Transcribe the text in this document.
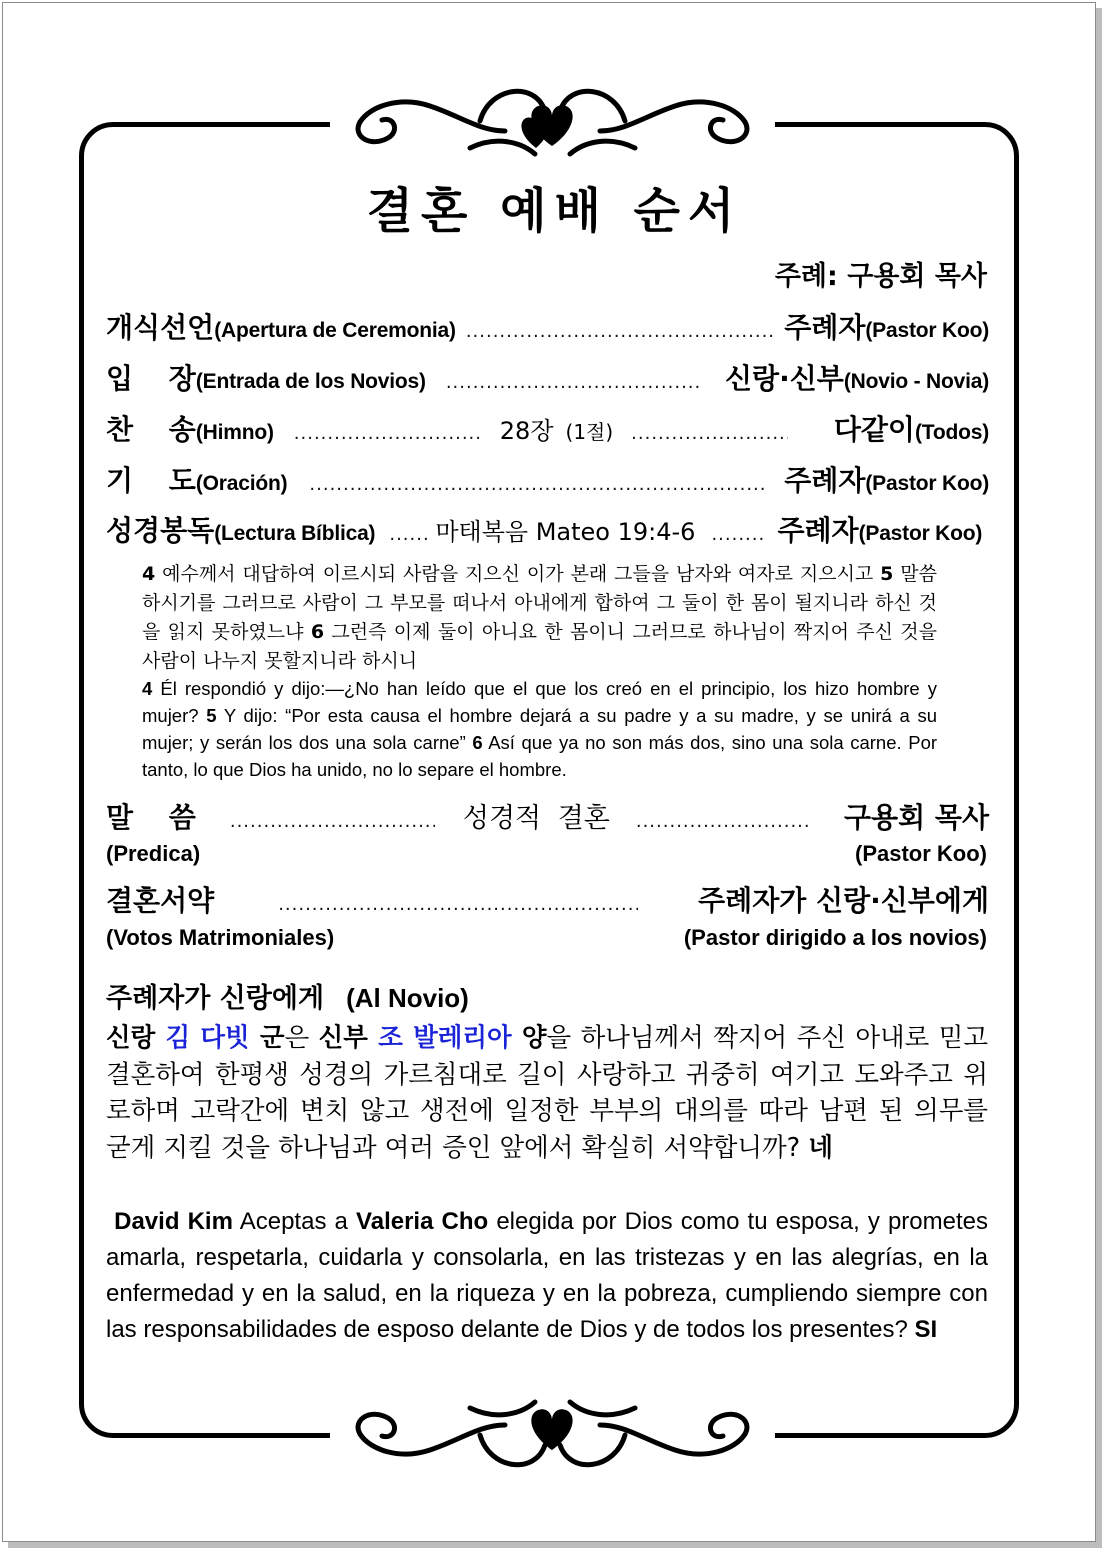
결혼 예배 순서
주례: 구용회 목사
개식선언 (Apertura de Ceremonia) .....	주례자 (Pastor Koo)
입 장 (Entrada de los Novios) .....	신랑·신부 (Novio - Novia)
찬 송 (Himno) .....	28장 (1절) .....	다같이 (Todos)
기 도 (Oración) .....	주례자 (Pastor Koo)
성경봉독 (Lectura Bíblica) .....	마태복음 Mateo 19:4-6 .....	주례자 (Pastor Koo)
4 예수께서 대답하여 이르시되 사람을 지으신 이가 본래 그들을 남자와 여자로 지으시고 5 말씀하시기를 그러므로 사람이 그 부모를 떠나서 아내에게 합하여 그 둘이 한 몸이 될지니라 하신 것을 읽지 못하였느냐 6 그런즉 이제 둘이 아니요 한 몸이니 그러므로 하나님이 짝지어 주신 것을 사람이 나누지 못할지니라 하시니
4 Él respondió y dijo:—¿No han leído que el que los creó en el principio, los hizo hombre y mujer? 5 Y dijo: “Por esta causa el hombre dejará a su padre y a su madre, y se unirá a su mujer; y serán los dos una sola carne” 6 Así que ya no son más dos, sino una sola carne. Por tanto, lo que Dios ha unido, no lo separe el hombre.
말 씀 .....	성경적 결혼 .....	구용회 목사
(Predica)	(Pastor Koo)
결혼서약 .....	주례자가 신랑·신부에게
(Votos Matrimoniales)	(Pastor dirigido a los novios)
주례자가 신랑에게 (Al Novio)
신랑 김 다빗 군은 신부 조 발레리아 양을 하나님께서 짝지어 주신 아내로 믿고 결혼하여 한평생 성경의 가르침대로 길이 사랑하고 귀중히 여기고 도와주고 위로하며 고락간에 변치 않고 생전에 일정한 부부의 대의를 따라 남편 된 의무를 굳게 지킬 것을 하나님과 여러 증인 앞에서 확실히 서약합니까? 네
David Kim Aceptas a Valeria Cho elegida por Dios como tu esposa, y prometes amarla, respetarla, cuidarla y consolarla, en las tristezas y en las alegrías, en la enfermedad y en la salud, en la riqueza y en la pobreza, cumpliendo siempre con las responsabilidades de esposo delante de Dios y de todos los presentes? SI
